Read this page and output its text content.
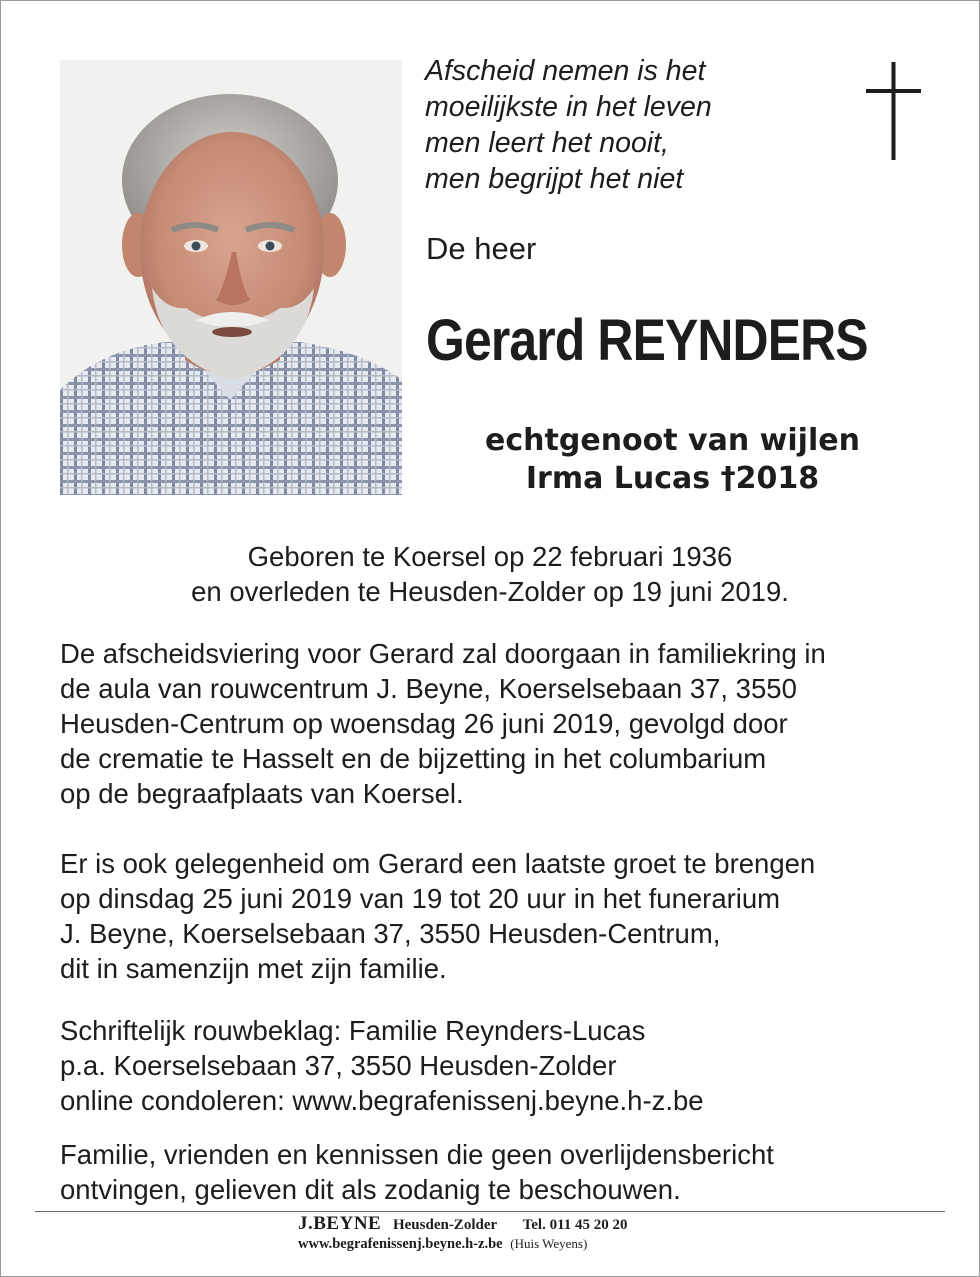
Afscheid nemen is het
moeilijkste in het leven
men leert het nooit,
men begrijpt het niet
De heer
Gerard REYNDERS
echtgenoot van wijlen
Irma Lucas †2018
Geboren te Koersel op 22 februari 1936
en overleden te Heusden-Zolder op 19 juni 2019.
De afscheidsviering voor Gerard zal doorgaan in familiekring in
de aula van rouwcentrum J. Beyne, Koerselsebaan 37, 3550
Heusden-Centrum op woensdag 26 juni 2019, gevolgd door
de crematie te Hasselt en de bijzetting in het columbarium
op de begraafplaats van Koersel.
Er is ook gelegenheid om Gerard een laatste groet te brengen
op dinsdag 25 juni 2019 van 19 tot 20 uur in het funerarium
J. Beyne, Koerselsebaan 37, 3550 Heusden-Centrum,
dit in samenzijn met zijn familie.
Schriftelijk rouwbeklag: Familie Reynders-Lucas
p.a. Koerselsebaan 37, 3550 Heusden-Zolder
online condoleren: www.begrafenissenj.beyne.h-z.be
Familie, vrienden en kennissen die geen overlijdensbericht
ontvingen, gelieven dit als zodanig te beschouwen.
J.BEYNE Heusden-Zolder Tel. 011 45 20 20
www.begrafenissenj.beyne.h-z.be (Huis Weyens)
